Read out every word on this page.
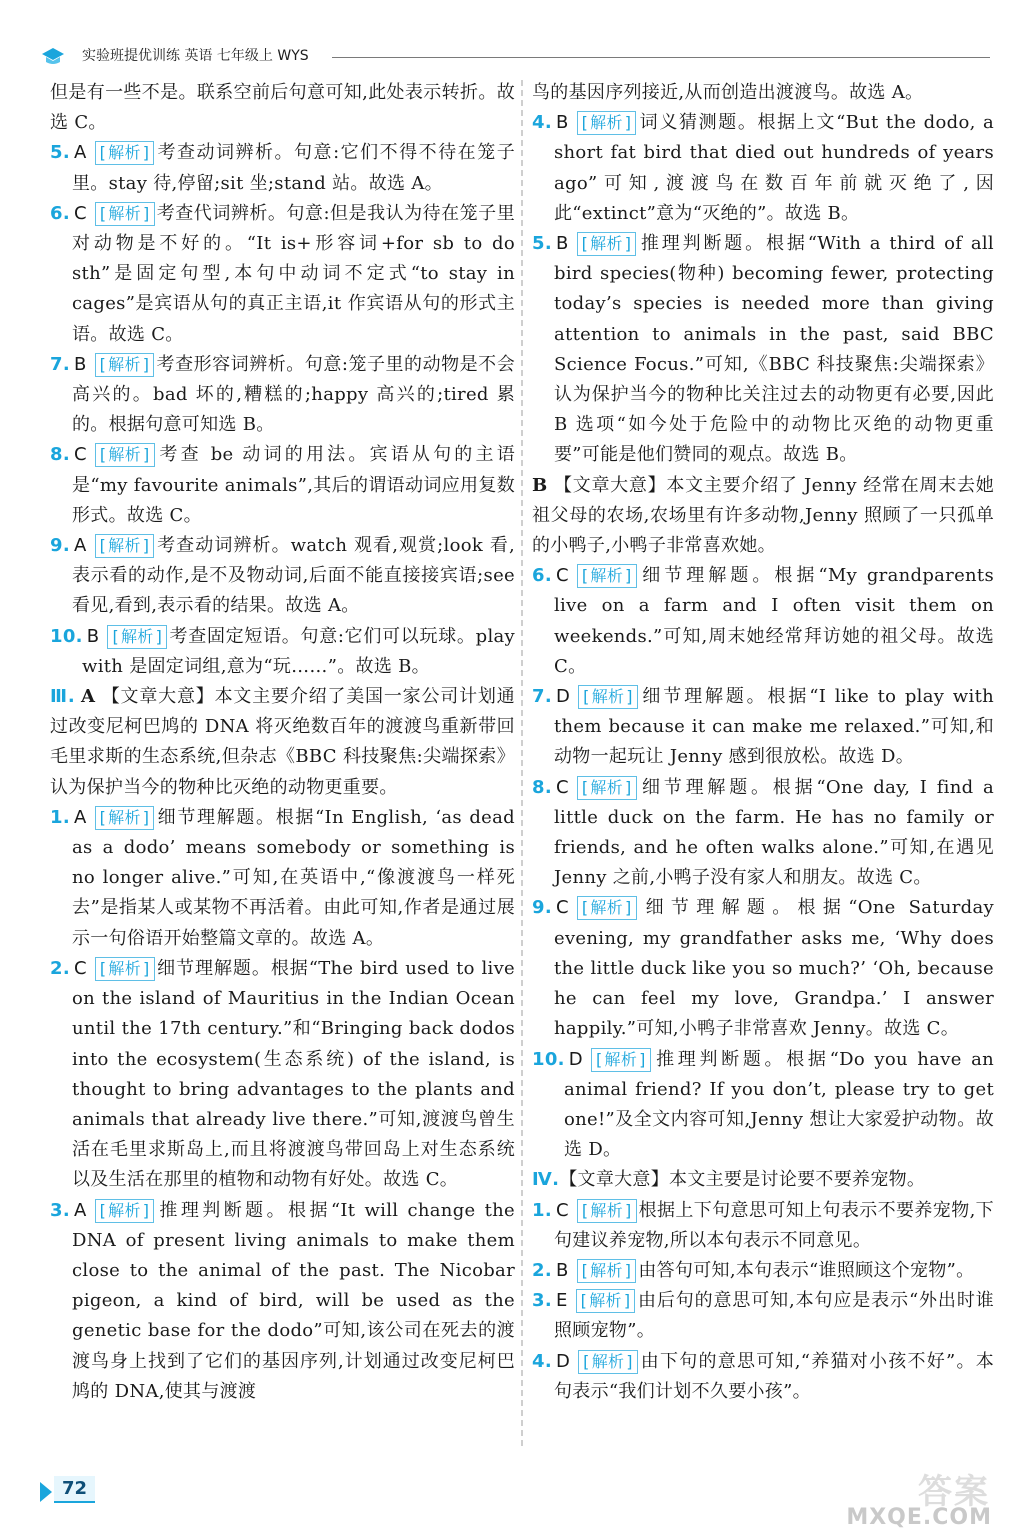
实验班提优训练 英语 七年级上 WYS

但是有一些不是。联系空前后句意可知,此处表示转折。故选 C。

5. A [ 解析 ] 考查动词辨析。句意:它们不得不待在笼子里。stay 待,停留;sit 坐;stand 站。故选 A。

6. C [ 解析 ] 考查代词辨析。句意:但是我认为待在笼子里对动物是不好的。“It is+形容词+for sb to do sth”是固定句型,本句中动词不定式“to stay in cages”是宾语从句的真正主语,it 作宾语从句的形式主语。故选 C。

7. B [ 解析 ] 考查形容词辨析。句意:笼子里的动物是不会高兴的。bad 坏的,糟糕的;happy 高兴的;tired 累的。根据句意可知选 B。

8. C [ 解析 ] 考查 be 动词的用法。宾语从句的主语是“my favourite animals”,其后的谓语动词应用复数形式。故选 C。

9. A [ 解析 ] 考查动词辨析。watch 观看,观赏;look 看,表示看的动作,是不及物动词,后面不能直接接宾语;see 看见,看到,表示看的结果。故选 A。

10. B [ 解析 ] 考查固定短语。句意:它们可以玩球。play with 是固定词组,意为“玩……”。故选 B。

Ⅲ. A 【文章大意】本文主要介绍了美国一家公司计划通过改变尼柯巴鸠的 DNA 将灭绝数百年的渡渡鸟重新带回毛里求斯的生态系统,但杂志《BBC 科技聚焦:尖端探索》认为保护当今的物种比灭绝的动物更重要。

1. A [ 解析 ] 细节理解题。根据“In English, ‘as dead as a dodo’ means somebody or something is no longer alive.”可知,在英语中,“像渡渡鸟一样死去”是指某人或某物不再活着。由此可知,作者是通过展示一句俗语开始整篇文章的。故选 A。

2. C [ 解析 ] 细节理解题。根据“The bird used to live on the island of Mauritius in the Indian Ocean until the 17th century.”和“Bringing back dodos into the ecosystem(生态系统) of the island, is thought to bring advantages to the plants and animals that already live there.”可知,渡渡鸟曾生活在毛里求斯岛上,而且将渡渡鸟带回岛上对生态系统以及生活在那里的植物和动物有好处。故选 C。

3. A [ 解析 ] 推理判断题。根据“It will change the DNA of present living animals to make them close to the animal of the past. The Nicobar pigeon, a kind of bird, will be used as the genetic base for the dodo”可知,该公司在死去的渡渡鸟身上找到了它们的基因序列,计划通过改变尼柯巴鸠的 DNA,使其与渡渡

鸟的基因序列接近,从而创造出渡渡鸟。故选 A。

4. B [ 解析 ] 词义猜测题。根据上文“But the dodo, a short fat bird that died out hundreds of years ago”可知,渡渡鸟在数百年前就灭绝了,因此“extinct”意为“灭绝的”。故选 B。

5. B [ 解析 ] 推理判断题。根据“With a third of all bird species(物种) becoming fewer, protecting today’s species is needed more than giving attention to animals in the past, said BBC Science Focus.”可知,《BBC 科技聚焦:尖端探索》认为保护当今的物种比关注过去的动物更有必要,因此 B 选项“如今处于危险中的动物比灭绝的动物更重要”可能是他们赞同的观点。故选 B。

B 【文章大意】本文主要介绍了 Jenny 经常在周末去她祖父母的农场,农场里有许多动物,Jenny 照顾了一只孤单的小鸭子,小鸭子非常喜欢她。

6. C [ 解析 ] 细节理解题。根据“My grandparents live on a farm and I often visit them on weekends.”可知,周末她经常拜访她的祖父母。故选 C。

7. D [ 解析 ] 细节理解题。根据“I like to play with them because it can make me relaxed.”可知,和动物一起玩让 Jenny 感到很放松。故选 D。

8. C [ 解析 ] 细节理解题。根据“One day, I find a little duck on the farm. He has no family or friends, and he often walks alone.”可知,在遇见 Jenny 之前,小鸭子没有家人和朋友。故选 C。

9. C [ 解析 ] 细节理解题。根据“One Saturday evening, my grandfather asks me, ‘Why does the little duck like you so much?’ ‘Oh, because he can feel my love, Grandpa.’ I answer happily.”可知,小鸭子非常喜欢 Jenny。故选 C。

10. D [ 解析 ] 推理判断题。根据“Do you have an animal friend? If you don’t, please try to get one!”及全文内容可知,Jenny 想让大家爱护动物。故选 D。

Ⅳ.【文章大意】本文主要是讨论要不要养宠物。

1. C [ 解析 ] 根据上下句意思可知上句表示不要养宠物,下句建议养宠物,所以本句表示不同意见。

2. B [ 解析 ] 由答句可知,本句表示“谁照顾这个宠物”。

3. E [ 解析 ] 由后句的意思可知,本句应是表示“外出时谁照顾宠物”。

4. D [ 解析 ] 由下句的意思可知,“养猫对小孩不好”。本句表示“我们计划不久要小孩”。

72	答案
MXQE.COM
